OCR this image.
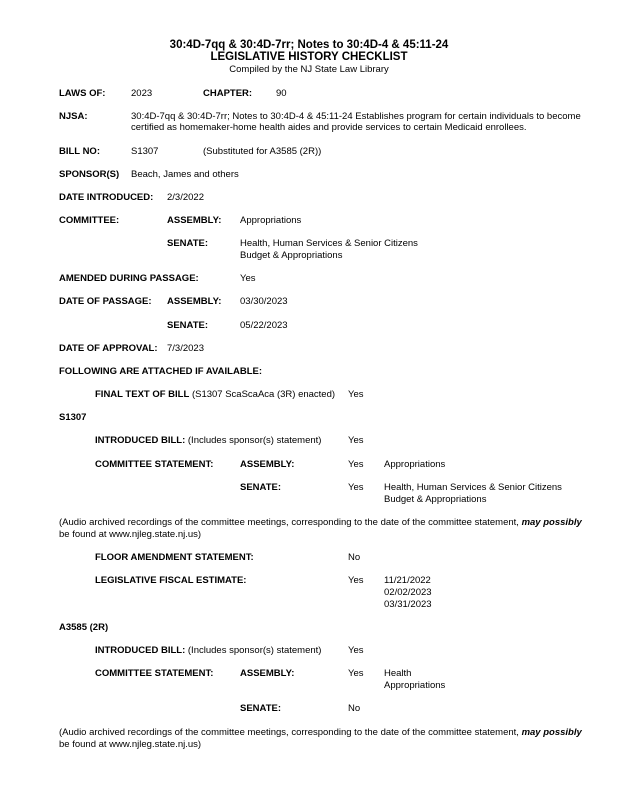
30:4D-7qq & 30:4D-7rr; Notes to 30:4D-4 & 45:11-24
LEGISLATIVE HISTORY CHECKLIST
Compiled by the NJ State Law Library
LAWS OF:	2023	CHAPTER:	90
NJSA:	30:4D-7qq & 30:4D-7rr; Notes to 30:4D-4 & 45:11-24 Establishes program for certain individuals to become
certified as homemaker-home health aides and provide services to certain Medicaid enrollees.
BILL NO:	S1307	(Substituted for A3585 (2R))
SPONSOR(S) Beach, James and others
DATE INTRODUCED: 2/3/2022
COMMITTEE:	ASSEMBLY: Appropriations
SENATE:	Health, Human Services & Senior Citizens
Budget & Appropriations
AMENDED DURING PASSAGE:	Yes
DATE OF PASSAGE: ASSEMBLY: 03/30/2023
SENATE:	05/22/2023
DATE OF APPROVAL: 7/3/2023
FOLLOWING ARE ATTACHED IF AVAILABLE:
FINAL TEXT OF BILL (S1307 ScaScaAca (3R) enacted) Yes
S1307
INTRODUCED BILL: (Includes sponsor(s) statement)	Yes
COMMITTEE STATEMENT:	ASSEMBLY:	Yes Appropriations
SENATE:	Yes Health, Human Services & Senior Citizens
Budget & Appropriations
(Audio archived recordings of the committee meetings, corresponding to the date of the committee statement, may possibly
be found at www.njleg.state.nj.us)
FLOOR AMENDMENT STATEMENT:	No
LEGISLATIVE FISCAL ESTIMATE:	Yes 11/21/2022
02/02/2023
03/31/2023
A3585 (2R)
INTRODUCED BILL: (Includes sponsor(s) statement)	Yes
COMMITTEE STATEMENT:	ASSEMBLY:	Yes Health
Appropriations
SENATE:	No
(Audio archived recordings of the committee meetings, corresponding to the date of the committee statement, may possibly
be found at www.njleg.state.nj.us)
